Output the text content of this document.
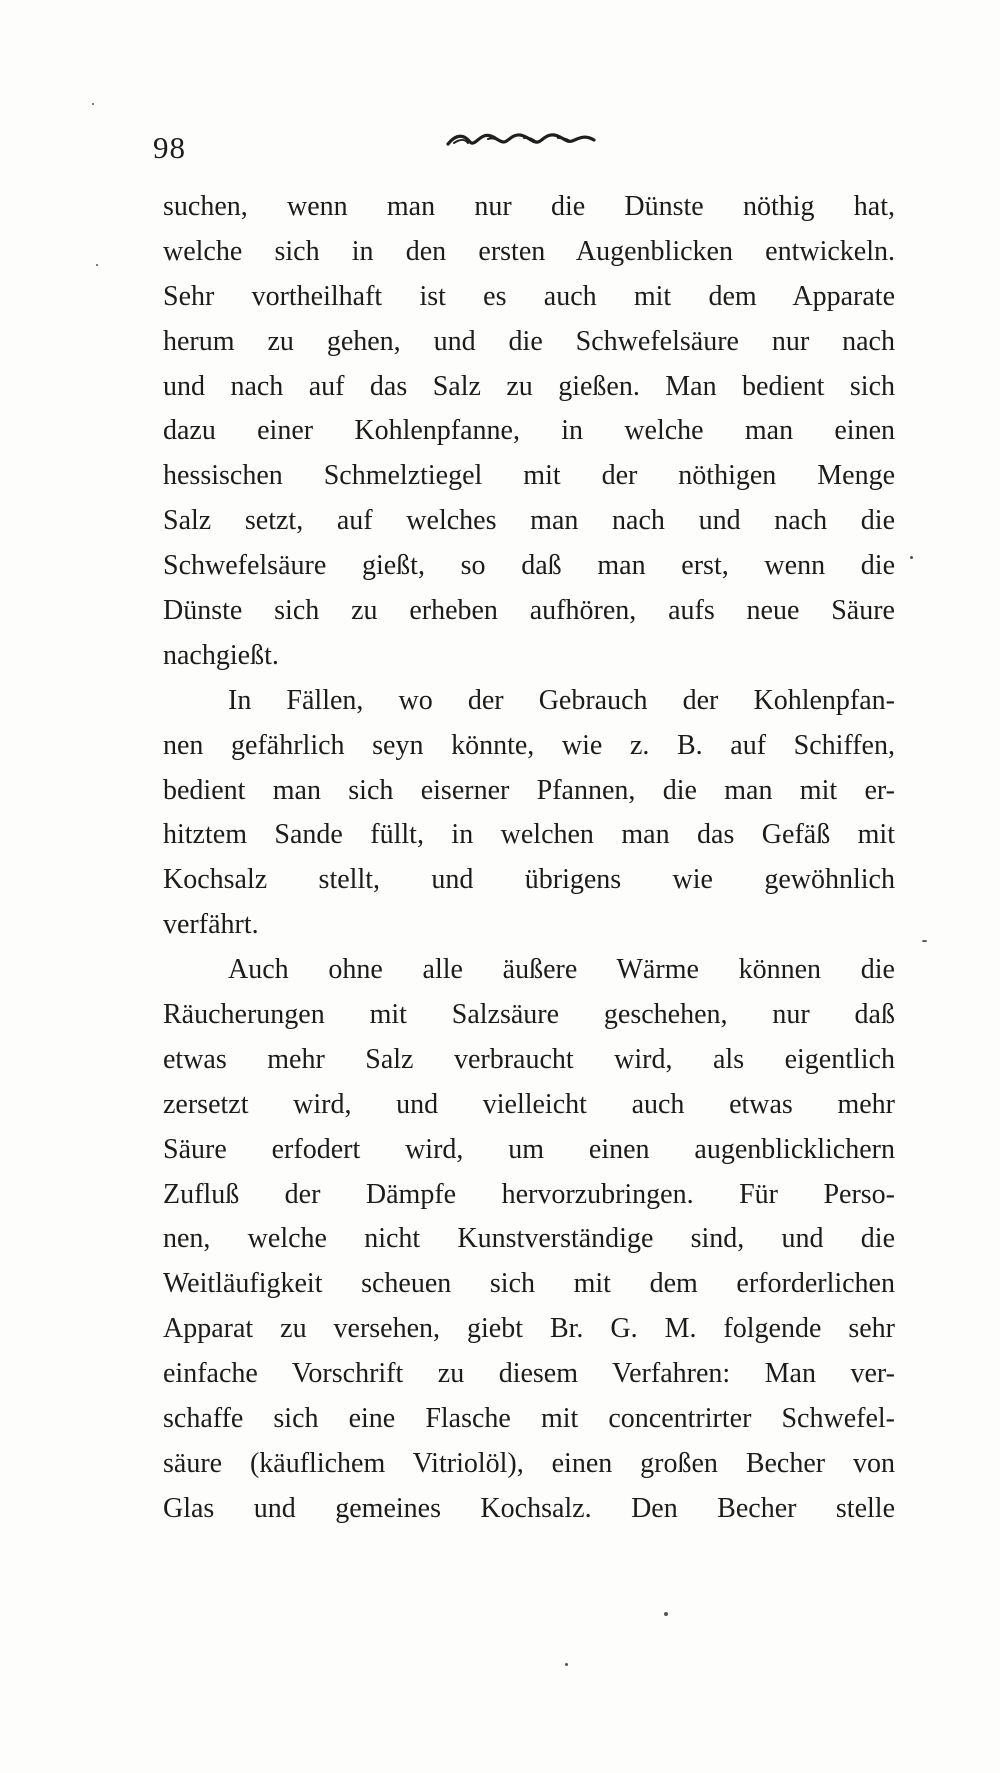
98
suchen, wenn man nur die Dünste nöthig hat,
welche sich in den ersten Augenblicken entwickeln.
Sehr vortheilhaft ist es auch mit dem Apparate
herum zu gehen, und die Schwefelsäure nur nach
und nach auf das Salz zu gießen. Man bedient sich
dazu einer Kohlenpfanne, in welche man einen
hessischen Schmelztiegel mit der nöthigen Menge
Salz setzt, auf welches man nach und nach die
Schwefelsäure gießt, so daß man erst, wenn die
Dünste sich zu erheben aufhören, aufs neue Säure
nachgießt.
In Fällen, wo der Gebrauch der Kohlenpfan-
nen gefährlich seyn könnte, wie z. B. auf Schiffen,
bedient man sich eiserner Pfannen, die man mit er-
hitztem Sande füllt, in welchen man das Gefäß mit
Kochsalz stellt, und übrigens wie gewöhnlich
verfährt.
Auch ohne alle äußere Wärme können die
Räucherungen mit Salzsäure geschehen, nur daß
etwas mehr Salz verbraucht wird, als eigentlich
zersetzt wird, und vielleicht auch etwas mehr
Säure erfodert wird, um einen augenblicklichern
Zufluß der Dämpfe hervorzubringen. Für Perso-
nen, welche nicht Kunstverständige sind, und die
Weitläufigkeit scheuen sich mit dem erforderlichen
Apparat zu versehen, giebt Br. G. M. folgende sehr
einfache Vorschrift zu diesem Verfahren: Man ver-
schaffe sich eine Flasche mit concentrirter Schwefel-
säure (käuflichem Vitriolöl), einen großen Becher von
Glas und gemeines Kochsalz. Den Becher stelle
